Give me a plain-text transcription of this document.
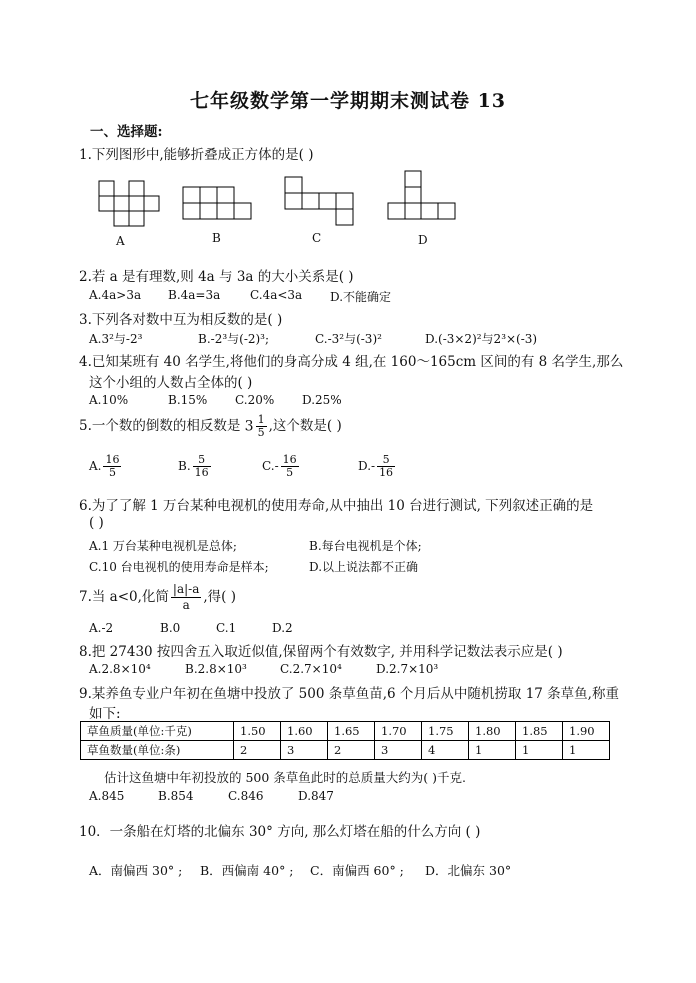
七年级数学第一学期期末测试卷 13
一、选择题:
1.下列图形中,能够折叠成正方体的是( )
A	B	C	D
2.若 a 是有理数,则 4a 与 3a 的大小关系是( )
A.4a>3a B.4a=3a C.4a<3a D.不能确定
3.下列各对数中互为相反数的是( )
A.3²与-2³	B.-2³与(-2)³;	C.-3²与(-3)²	D.(-3×2)²与2³×(-3)
4.已知某班有 40 名学生,将他们的身高分成 4 组,在 160～165cm 区间的有 8 名学生,那么
这个小组的人数占全体的( )
A.10%	B.15% C.20% D.25%
5.一个数的倒数的相反数是 $3 \frac{1}{5}$ ,这个数是( )
A. $\frac{16}{5}$	B. $\frac{5}{16}$	$C.- \frac{16}{5}$	$D.- \frac{5}{16}$
6.为了了解 1 万台某种电视机的使用寿命,从中抽出 10 台进行测试, 下列叙述正确的是
( )
A.1 万台某种电视机是总体;	B.每台电视机是个体;
C.10 台电视机的使用寿命是样本;	D.以上说法都不正确
7.当 a<0,化简 $\frac{|a|-a}{a}$ ,得( )
A.-2	B.0	C.1	D.2
8.把 27430 按四舍五入取近似值,保留两个有效数字, 并用科学记数法表示应是( )
A.2.8×10⁴	B.2.8×10³	C.2.7×10⁴	D.2.7×10³
9.某养鱼专业户年初在鱼塘中投放了 500 条草鱼苗,6 个月后从中随机捞取 17 条草鱼,称重
如下:
草鱼质量(单位:千克)	1.50	1.60	1.65	1.70	1.75	1.80	1.85	1.90
草鱼数量(单位:条)	2	3	2	3	4	1	1	1
估计这鱼塘中年初投放的 500 条草鱼此时的总质量大约为( )千克.
A.845	B.854	C.846	D.847
10．一条船在灯塔的北偏东 30° 方向, 那么灯塔在船的什么方向 ( )
A．南偏西 30° ; B．西偏南 40° ; C．南偏西 60° ; D．北偏东 30°
